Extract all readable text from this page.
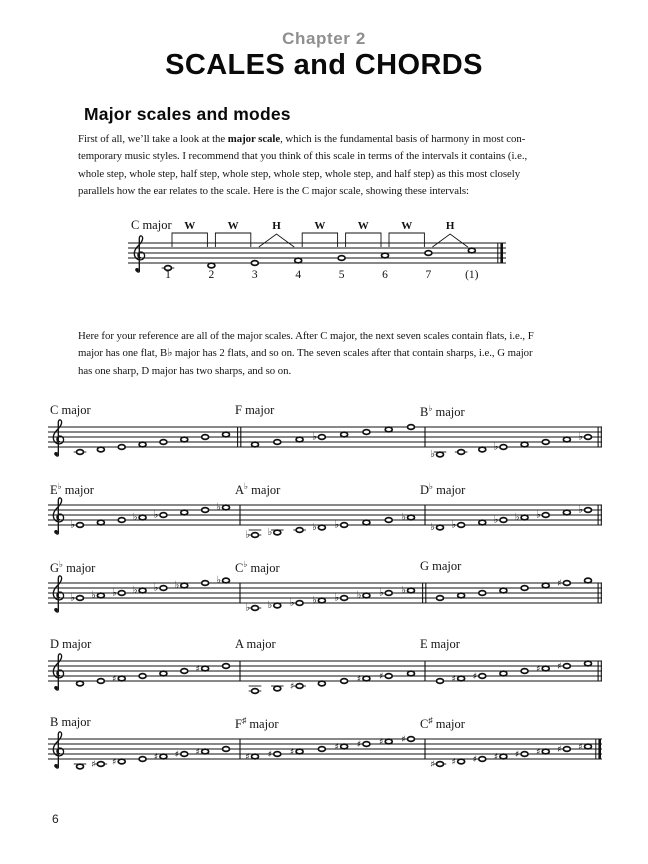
Chapter 2
SCALES and CHORDS
Major scales and modes
First of all, we’ll take a look at the major scale, which is the fundamental basis of harmony in most con-
temporary music styles. I recommend that you think of this scale in terms of the intervals it contains (i.e.,
whole step, whole step, half step, whole step, whole step, whole step, and half step) as this most closely
parallels how the ear relates to the scale. Here is the C major scale, showing these intervals:
C major W	W	H	W	W	W	H
1	2	3	4	5	6	7	(1)
Here for your reference are all of the major scales. After C major, the next seven scales contain flats, i.e., F
major has one flat, B♭ major has 2 flats, and so on. The seven scales after that contain sharps, i.e., G major
has one sharp, D major has two sharps, and so on.
♭
♭
♭
♭
C major	F major	B♭ major
♭
♭ ♭
♭
♭ ♭	♭ ♭
♭
♭ ♭	♭ ♭ ♭	♭
E♭ major	A♭ major	D♭ major
♭ ♭ ♭ ♭ ♭ ♭	♭
♭ ♭ ♭ ♭ ♭ ♭ ♭ ♭
♯
G♭ major	C♭ major	G major
♯
♯
♯
♯ ♯	♯ ♯
♯ ♯
D major	A major	E major
♯ ♯	♯ ♯ ♯	♯ ♯ ♯	♯ ♯ ♯ ♯
♯ ♯ ♯ ♯ ♯ ♯ ♯ ♯
B major	F♯ major	C♯ major
6
